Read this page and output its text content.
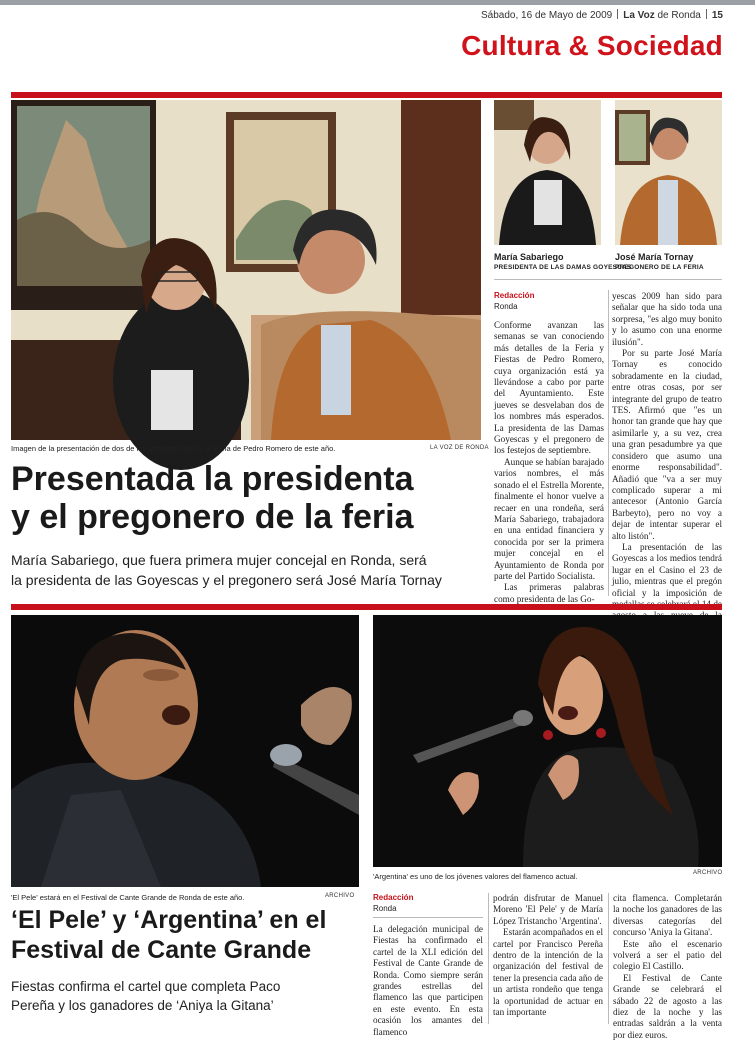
Sábado, 16 de Mayo de 2009 La Voz de Ronda 15
Cultura & Sociedad
Imagen de la presentación de dos de los protagonistas de la Feria de Pedro Romero de este año.	LA VOZ DE RONDA
Presentada la presidenta
y el pregonero de la feria
María Sabariego, que fuera primera mujer concejal en Ronda, será
la presidenta de las Goyescas y el pregonero será José María Tornay
María Sabariego
PRESIDENTA DE LAS DAMAS GOYESCAS
José María Tornay
PREGONERO DE LA FERIA
Redacción
Ronda

Conforme avanzan las semanas se van conociendo más detalles de la Feria y Fiestas de Pedro Romero, cuya organización está ya llevándose a cabo por parte del Ayuntamiento. Este jueves se desvelaban dos de los nombres más esperados. La presidenta de las Damas Goyescas y el pregonero de los festejos de septiembre.

Aunque se habían barajado varios nombres, el más sonado el el Estrella Morente, finalmente el honor vuelve a recaer en una rondeña, será María Sabariego, trabajadora en una entidad financiera y conocida por ser la primera mujer concejal en el Ayuntamiento de Ronda por parte del Partido Socialista.

Las primeras palabras como presidenta de las Go-

yescas 2009 han sido para señalar que ha sido toda una sorpresa, "es algo muy bonito y lo asumo con una enorme ilusión".

Por su parte José María Tornay es conocido sobradamente en la ciudad, entre otras cosas, por ser integrante del grupo de teatro TES. Afirmó que "es un honor tan grande que hay que asimilarle y, a su vez, crea una gran pesadumbre ya que considero que asumo una enorme responsabilidad". Añadió que "va a ser muy complicado superar a mi antecesor (Antonio García Barbeyto), pero no voy a dejar de intentar superar el alto listón".

La presentación de las Goyescas a los medios tendrá lugar en el Casino el 23 de julio, mientras que el pregón oficial y la imposición de

'El Pele' estará en el Festival de Cante Grande de Ronda de este año.	ARCHIVO
'Argentina' es uno de los jóvenes valores del flamenco actual.	ARCHIVO
‘El Pele’ y ‘Argentina’ en el
Festival de Cante Grande
Fiestas confirma el cartel que completa Paco
Pereña y los ganadores de ‘Aniya la Gitana’
Redacción
Ronda

La delegación municipal de Fiestas ha confirmado el cartel de la XLI edición del Festival de Cante Grande de Ronda. Como siempre serán grandes estrellas del flamenco las que participen en este evento. En esta ocasión los amantes del flamenco

podrán disfrutar de Manuel Moreno 'El Pele' y de María López Tristancho 'Argentina'.

Estarán acompañados en el cartel por Francisco Pereña dentro de la intención de la organización del festival de tener la presencia cada año de un artista rondeño que tenga la oportunidad de actuar en tan importante

cita flamenca. Completarán la noche los ganadores de las diversas categorías del concurso 'Aniya la Gitana'.

Este año el escenario volverá a ser el patio del colegio El Castillo.

El Festival de Cante Grande se celebrará el sábado 22 de agosto a las diez de la noche y las entradas saldrán a la venta por diez euros.
